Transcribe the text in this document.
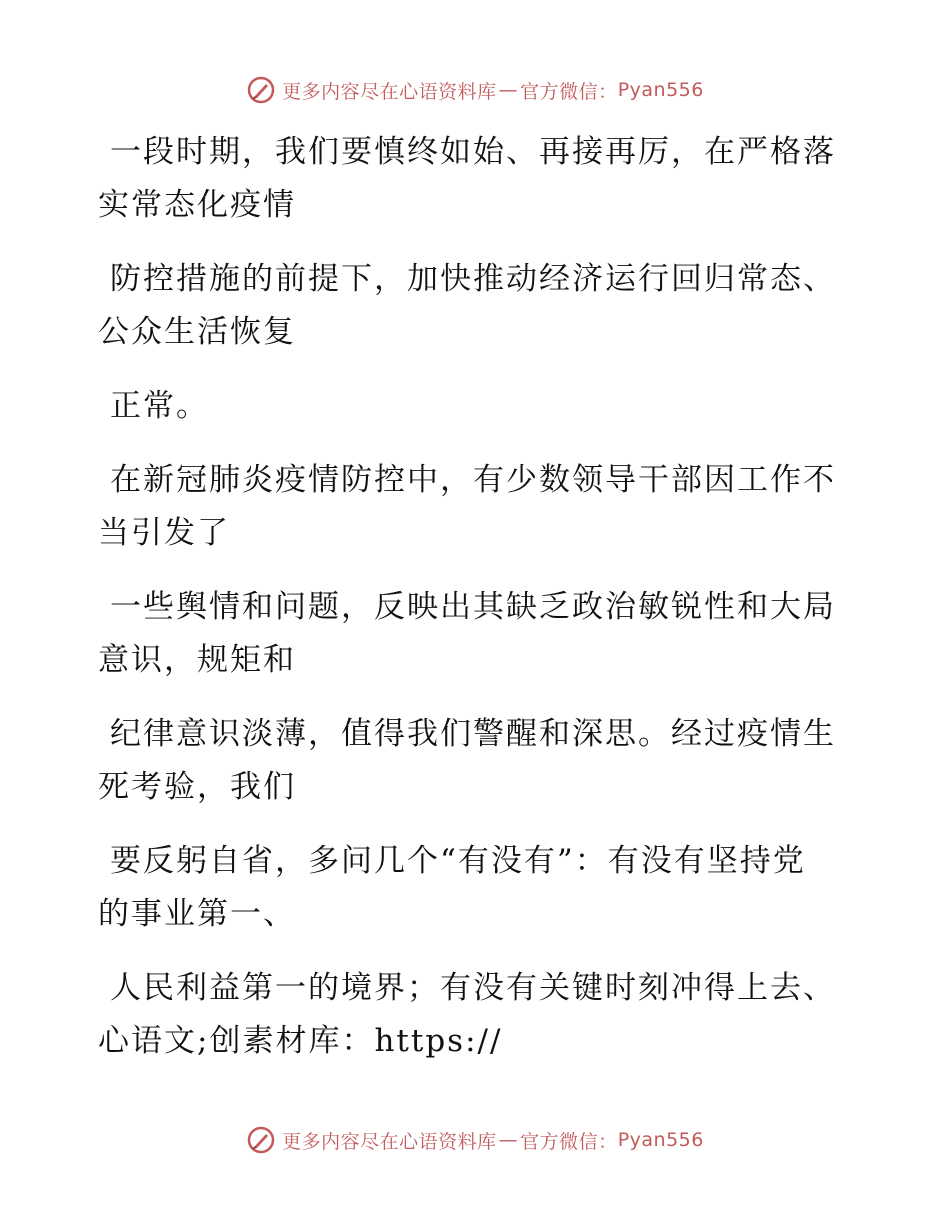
更多内容尽在心语资料库 — 官方微信： Pyan556

一段时期，我们要慎终如始、再接再厉，在严格落实常态化疫情

防控措施的前提下，加快推动经济运行回归常态、公众生活恢复

正常。

在新冠肺炎疫情防控中，有少数领导干部因工作不当引发了

一些舆情和问题，反映出其缺乏政治敏锐性和大局意识，规矩和

纪律意识淡薄，值得我们警醒和深思。经过疫情生死考验，我们

要反躬自省，多问几个“有没有”：有没有坚持党的事业第一、

人民利益第一的境界；有没有关键时刻冲得上去、心语文;创素材库：https://

更多内容尽在心语资料库 — 官方微信： Pyan556
